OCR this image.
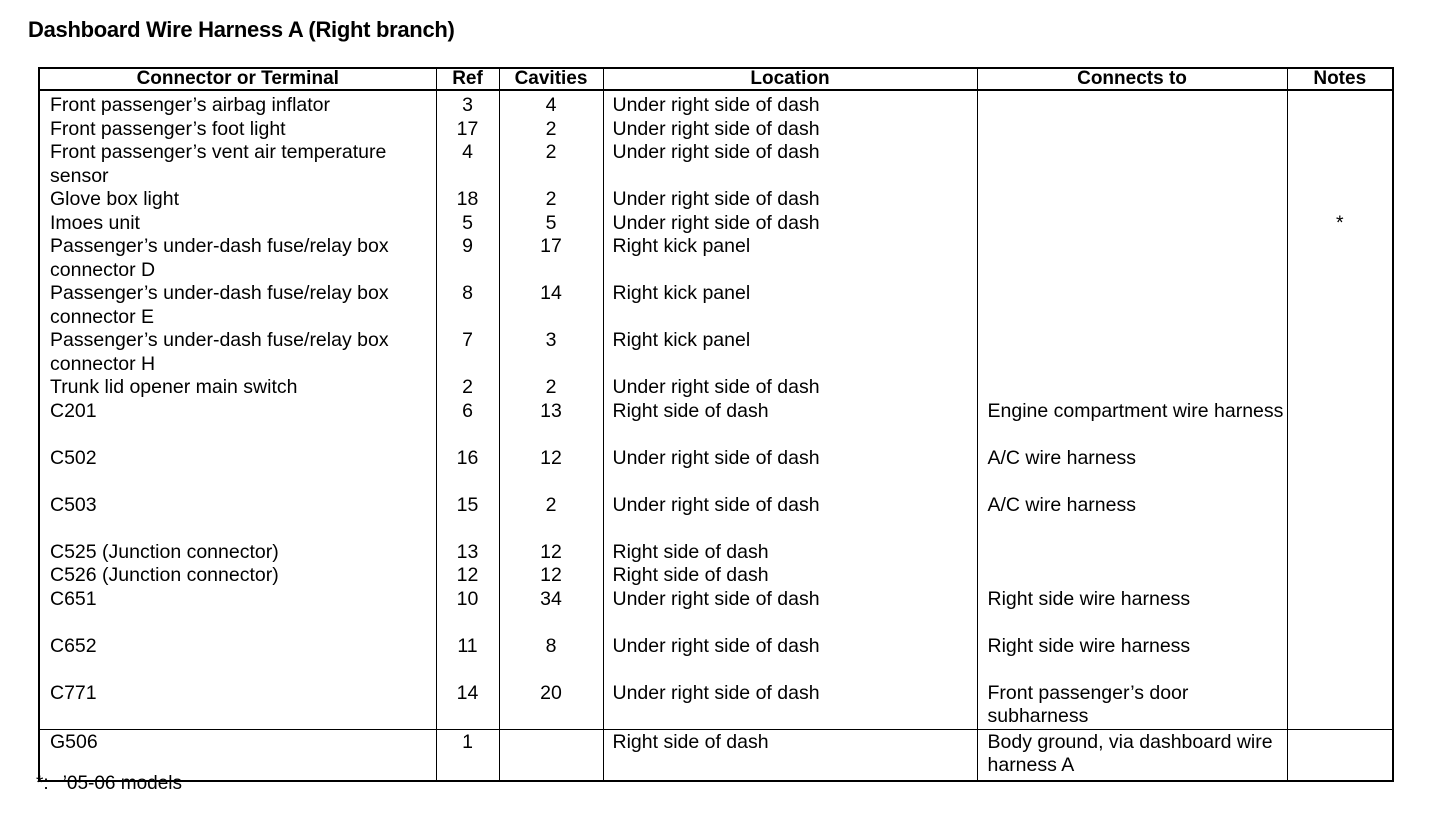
Dashboard Wire Harness A (Right branch)
Connector or Terminal	Ref	Cavities	Location	Connects to	Notes
Front passenger’s airbag inflator	3	4	Under right side of dash		
Front passenger’s foot light	17	2	Under right side of dash		
Front passenger’s vent air temperature sensor	4	2	Under right side of dash		
Glove box light	18	2	Under right side of dash		
Imoes unit	5	5	Under right side of dash		*
Passenger’s under-dash fuse/relay box connector D	9	17	Right kick panel		
Passenger’s under-dash fuse/relay box connector E	8	14	Right kick panel		
Passenger’s under-dash fuse/relay box connector H	7	3	Right kick panel		
Trunk lid opener main switch	2	2	Under right side of dash		
C201	6	13	Right side of dash	Engine compartment wire harness	
C502	16	12	Under right side of dash	A/C wire harness	
C503	15	2	Under right side of dash	A/C wire harness	
C525 (Junction connector)	13	12	Right side of dash		
C526 (Junction connector)	12	12	Right side of dash		
C651	10	34	Under right side of dash	Right side wire harness	
C652	11	8	Under right side of dash	Right side wire harness	
C771	14	20	Under right side of dash	Front passenger’s door subharness	
G506	1		Right side of dash	Body ground, via dashboard wire harness A	
*: ’05-06 models
